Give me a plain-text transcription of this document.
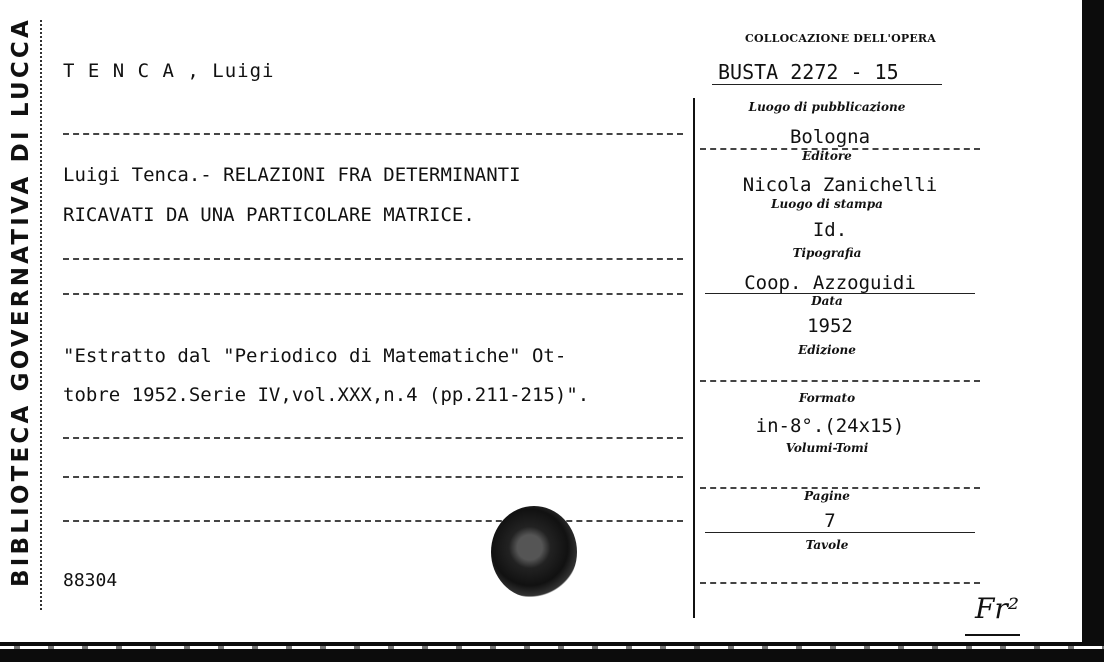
BIBLIOTECA GOVERNATIVA DI LUCCA T E N C A , Luigi
Luigi Tenca.- RELAZIONI FRA DETERMINANTI
RICAVATI DA UNA PARTICOLARE MATRICE.
"Estratto dal "Periodico di Matematiche" Ot-
tobre 1952.Serie IV,vol.XXX,n.4 (pp.211-215)".
88304
COLLOCAZIONE DELL'OPERA
BUSTA 2272 - 15
Luogo di pubblicazione
Bologna
Editore
Nicola Zanichelli
Luogo di stampa
Id.
Tipografia
Coop. Azzoguidi
Data
1952
Edizione
Formato
in-8°.(24x15)
Volumi-Tomi
Pagine
7
Tavole
Fr²
